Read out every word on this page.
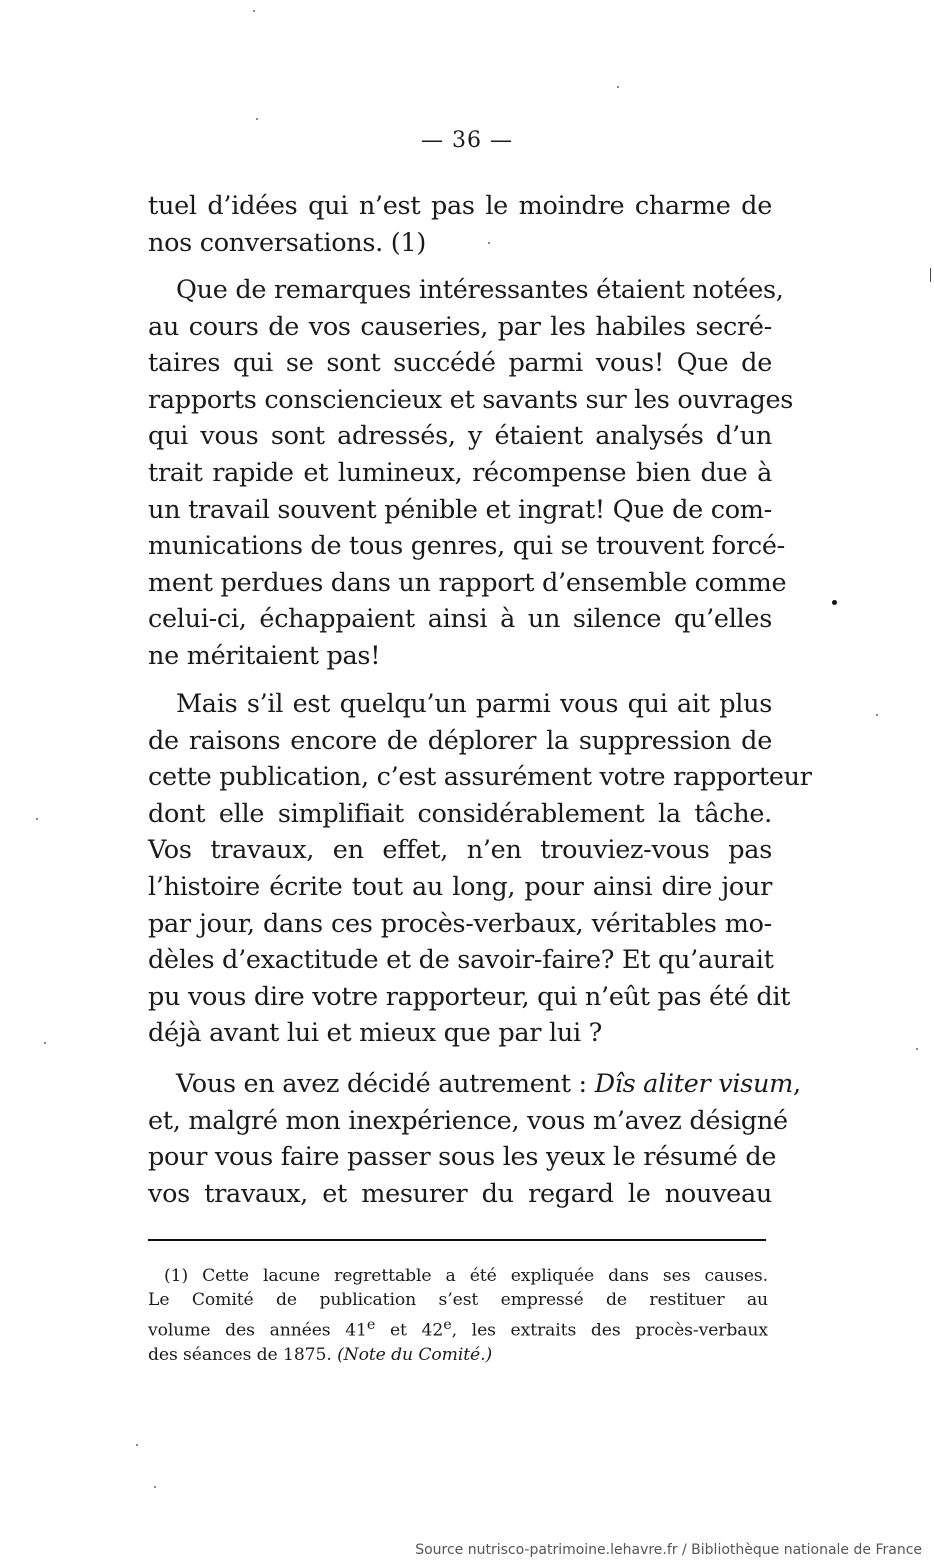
— 36 —
tuel d’idées qui n’est pas le moindre charme de
nos conversations. (1)
Que de remarques intéressantes étaient notées,
au cours de vos causeries, par les habiles secré-
taires qui se sont succédé parmi vous! Que de
rapports consciencieux et savants sur les ouvrages
qui vous sont adressés, y étaient analysés d’un
trait rapide et lumineux, récompense bien due à
un travail souvent pénible et ingrat! Que de com-
munications de tous genres, qui se trouvent forcé-
ment perdues dans un rapport d’ensemble comme
celui-ci, échappaient ainsi à un silence qu’elles
ne méritaient pas!
Mais s’il est quelqu’un parmi vous qui ait plus
de raisons encore de déplorer la suppression de
cette publication, c’est assurément votre rapporteur
dont elle simplifiait considérablement la tâche.
Vos travaux, en effet, n’en trouviez-vous pas
l’histoire écrite tout au long, pour ainsi dire jour
par jour, dans ces procès-verbaux, véritables mo-
dèles d’exactitude et de savoir-faire? Et qu’aurait
pu vous dire votre rapporteur, qui n’eût pas été dit
déjà avant lui et mieux que par lui ?
Vous en avez décidé autrement : Dîs aliter visum,
et, malgré mon inexpérience, vous m’avez désigné
pour vous faire passer sous les yeux le résumé de
vos travaux, et mesurer du regard le nouveau
(1) Cette lacune regrettable a été expliquée dans ses causes.
Le Comité de publication s’est empressé de restituer au
volume des années 41e et 42e, les extraits des procès-verbaux
des séances de 1875. (Note du Comité.)
Source nutrisco-patrimoine.lehavre.fr / Bibliothèque nationale de France
